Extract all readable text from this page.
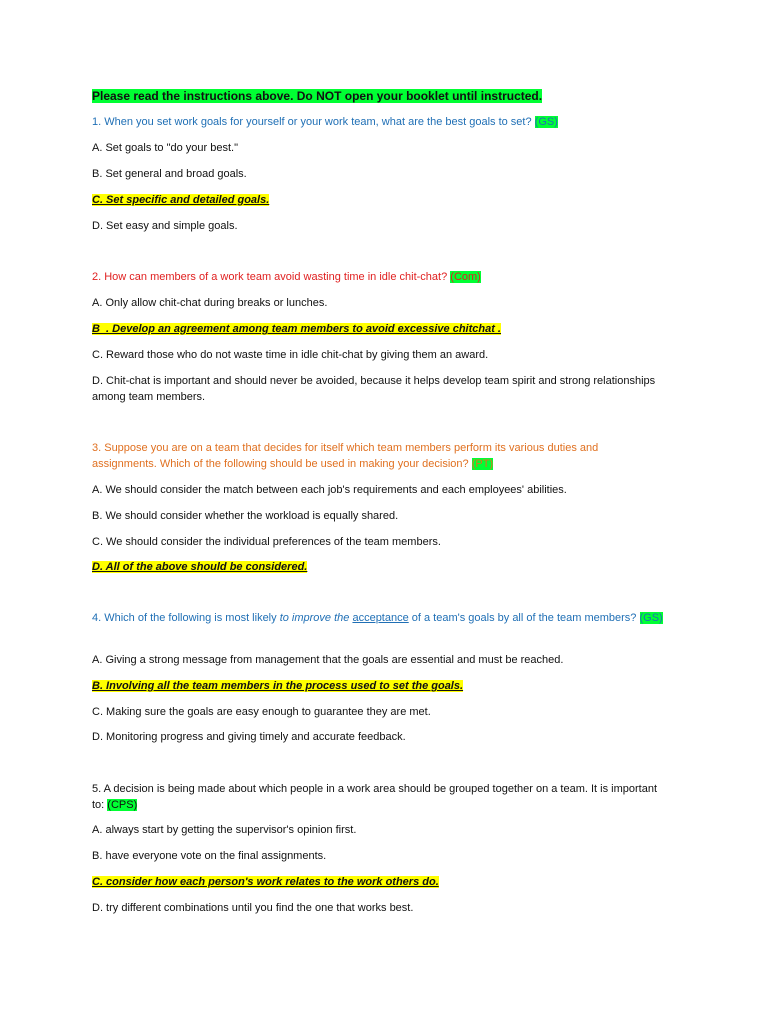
Please read the instructions above. Do NOT open your booklet until instructed.

1. When you set work goals for yourself or your work team, what are the best goals to set? (GS)

A. Set goals to "do your best."

B. Set general and broad goals.

C. Set specific and detailed goals.

D. Set easy and simple goals.

2. How can members of a work team avoid wasting time in idle chit-chat? (Com)

A. Only allow chit-chat during breaks or lunches.

B_. Develop an agreement among team members to avoid excessive chitchat .

C. Reward those who do not waste time in idle chit-chat by giving them an award.

D. Chit-chat is important and should never be avoided, because it helps develop team spirit and strong relationships among team members.

3. Suppose you are on a team that decides for itself which team members perform its various duties and assignments. Which of the following should be used in making your decision? (PT)

A. We should consider the match between each job's requirements and each employees' abilities.

B. We should consider whether the workload is equally shared.

C. We should consider the individual preferences of the team members.

D. All of the above should be considered.

4. Which of the following is most likely to improve the acceptance of a team's goals by all of the team members? (GS)

A. Giving a strong message from management that the goals are essential and must be reached.

B. Involving all the team members in the process used to set the goals.

C. Making sure the goals are easy enough to guarantee they are met.

D. Monitoring progress and giving timely and accurate feedback.

5. A decision is being made about which people in a work area should be grouped together on a team. It is important to: (CPS)

A. always start by getting the supervisor's opinion first.

B. have everyone vote on the final assignments.

C. consider how each person's work relates to the work others do.

D. try different combinations until you find the one that works best.
